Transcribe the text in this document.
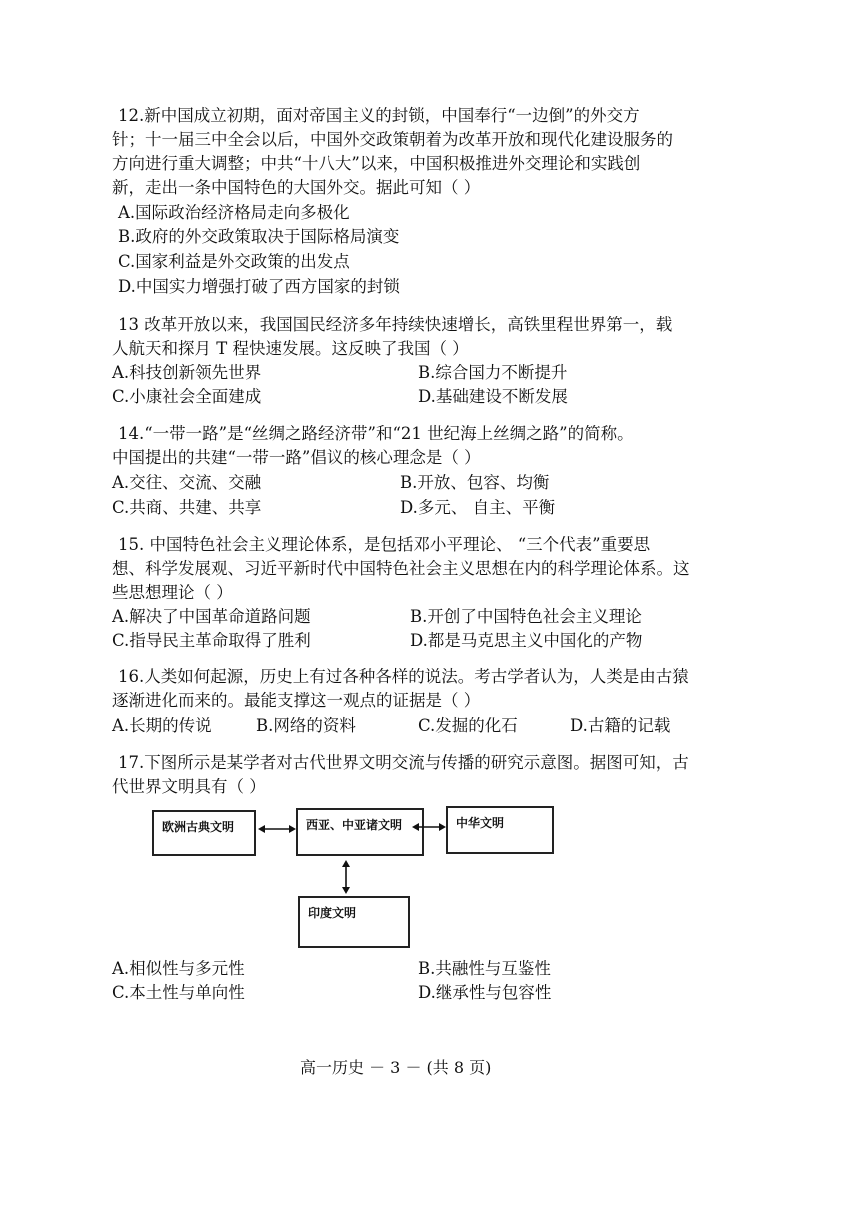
12.新中国成立初期，面对帝国主义的封锁，中国奉行“一边倒”的外交方
针；十一届三中全会以后，中国外交政策朝着为改革开放和现代化建设服务的
方向进行重大调整；中共“十八大”以来，中国积极推进外交理论和实践创
新，走出一条中国特色的大国外交。据此可知（ ）
A.国际政治经济格局走向多极化
B.政府的外交政策取决于国际格局演变
C.国家利益是外交政策的出发点
D.中国实力增强打破了西方国家的封锁
13 改革开放以来，我国国民经济多年持续快速增长，高铁里程世界第一，载
人航天和探月 T 程快速发展。这反映了我国（ ）
A.科技创新领先世界	B.综合国力不断提升
C.小康社会全面建成	D.基础建设不断发展
14.“一带一路”是“丝绸之路经济带”和“21 世纪海上丝绸之路”的简称。
中国提出的共建“一带一路”倡议的核心理念是（ ）
A.交往、交流、交融	B.开放、包容、均衡
C.共商、共建、共享	D.多元、 自主、平衡
15. 中国特色社会主义理论体系，是包括邓小平理论、 “三个代表”重要思
想、科学发展观、习近平新时代中国特色社会主义思想在内的科学理论体系。这
些思想理论（ ）
A.解决了中国革命道路问题	B.开创了中国特色社会主义理论
C.指导民主革命取得了胜利	D.都是马克思主义中国化的产物
16.人类如何起源，历史上有过各种各样的说法。考古学者认为，人类是由古猿
逐渐进化而来的。最能支撑这一观点的证据是（ ）
A.长期的传说	B.网络的资料	C.发掘的化石	D.古籍的记载
17.下图所示是某学者对古代世界文明交流与传播的研究示意图。据图可知，古
代世界文明具有（ ）
欧洲古典文明	西亚、中亚诸文明	中华文明
印度文明
A.相似性与多元性	B.共融性与互鉴性
C.本土性与单向性	D.继承性与包容性
高一历史 － 3 － (共 8 页)
